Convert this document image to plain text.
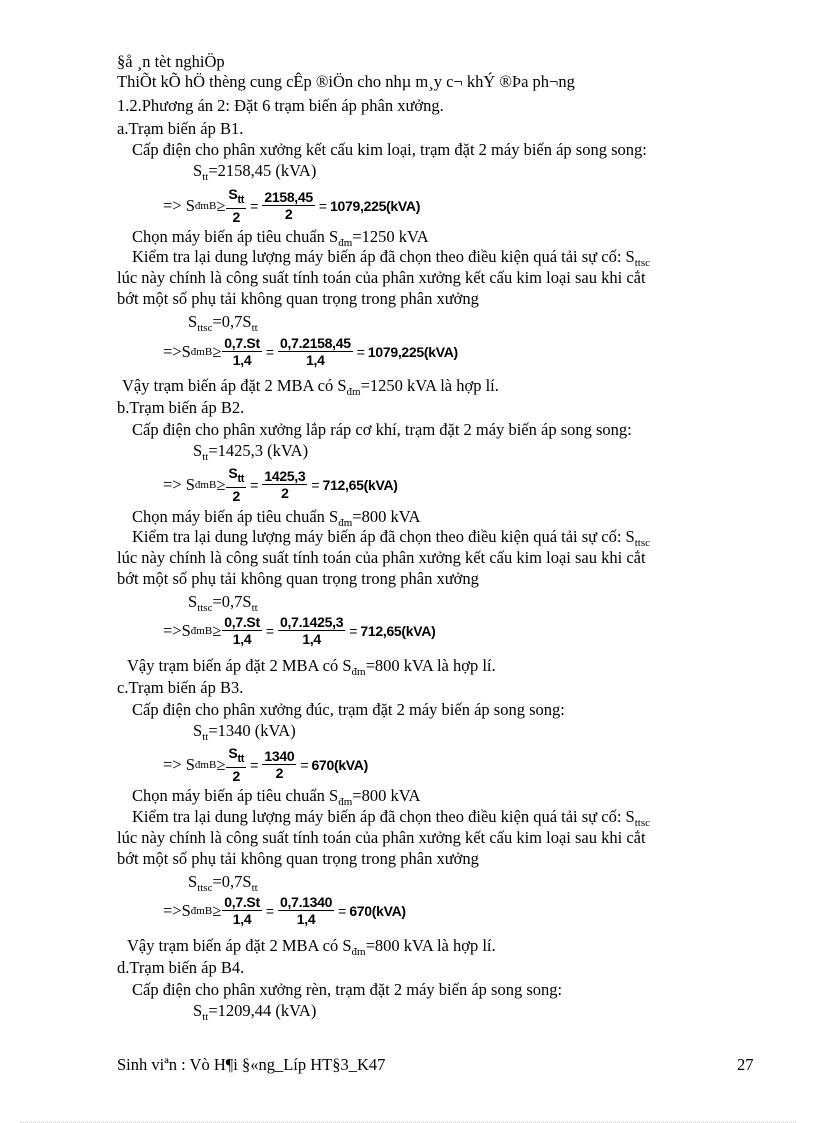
§å ¸n tèt nghiÖp
ThiÕt kÕ hÖ thèng cung cÊp ®iÖn cho nhµ m¸y c¬ khÝ ®Þa ph¬ng
1.2.Phương án 2: Đặt 6 trạm biến áp phân xưởng.
a.Trạm biến áp B1.
Cấp điện cho phân xưởng kết cấu kim loại, trạm đặt 2 máy biến áp song song:
$S_{tt}=2158,45$ (kVA)
=> S đmB ≥ $\frac{S_{tt}}{2} = \frac{2158,45}{2} = 1079,225(kVA)$
Chọn máy biến áp tiêu chuẩn $S_{đm}=1250$ kVA
Kiểm tra lại dung lượng máy biến áp đã chọn theo điều kiện quá tải sự cố: $S_{ttsc}$
lúc này chính là công suất tính toán của phân xưởng kết cấu kim loại sau khi cắt
bớt một số phụ tải không quan trọng trong phân xưởng
$S_{ttsc}=0,7S_{tt}$
=>S đmB ≥ $\frac{0,7.St}{1,4} = \frac{0,7.2158,45}{1,4} = 1079,225(kVA)$
Vậy trạm biến áp đặt 2 MBA có $S_{đm}=1250$ kVA là hợp lí.
b.Trạm biến áp B2.
Cấp điện cho phân xưởng lắp ráp cơ khí, trạm đặt 2 máy biến áp song song:
$S_{tt}=1425,3$ (kVA)
=> S đmB ≥ $\frac{S_{tt}}{2} = \frac{1425,3}{2} = 712,65(kVA)$
Chọn máy biến áp tiêu chuẩn $S_{đm}=800$ kVA
Kiểm tra lại dung lượng máy biến áp đã chọn theo điều kiện quá tải sự cố: $S_{ttsc}$
lúc này chính là công suất tính toán của phân xưởng kết cấu kim loại sau khi cắt
bớt một số phụ tải không quan trọng trong phân xưởng
$S_{ttsc}=0,7S_{tt}$
=>S đmB ≥ $\frac{0,7.St}{1,4} = \frac{0,7.1425,3}{1,4} = 712,65(kVA)$
Vậy trạm biến áp đặt 2 MBA có $S_{đm}=800$ kVA là hợp lí.
c.Trạm biến áp B3.
Cấp điện cho phân xưởng đúc, trạm đặt 2 máy biến áp song song:
$S_{tt}=1340$ (kVA)
=> S đmB ≥ $\frac{S_{tt}}{2} = \frac{1340}{2} = 670(kVA)$
Chọn máy biến áp tiêu chuẩn $S_{đm}=800$ kVA
Kiểm tra lại dung lượng máy biến áp đã chọn theo điều kiện quá tải sự cố: $S_{ttsc}$
lúc này chính là công suất tính toán của phân xưởng kết cấu kim loại sau khi cắt
bớt một số phụ tải không quan trọng trong phân xưởng
$S_{ttsc}=0,7S_{tt}$
=>S đmB ≥ $\frac{0,7.St}{1,4} = \frac{0,7.1340}{1,4} = 670(kVA)$
Vậy trạm biến áp đặt 2 MBA có $S_{đm}=800$ kVA là hợp lí.
d.Trạm biến áp B4.
Cấp điện cho phân xưởng rèn, trạm đặt 2 máy biến áp song song:
$S_{tt}=1209,44$ (kVA)
Sinh viªn : Vò H¶i §«ng_Líp HT§3_K47	27
